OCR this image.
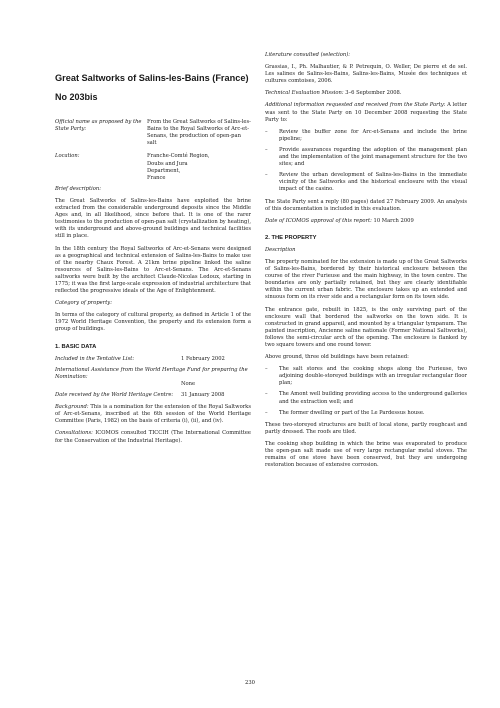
Great Saltworks of Salins-les-Bains (France)
No 203bis
Official name as proposed by the State Party:
From the Great Saltworks of Salins-les-Bains to the Royal Saltworks of Arc-et-Senans, the production of open-pan salt
Location:	Franche-Comté Region,
Doubs and Jura
Department,
France

Brief description:

The Great Saltworks of Salins-les-Bains have exploited the brine extracted from the considerable underground deposits since the Middle Ages and, in all likelihood, since before that. It is one of the rarer testimonies to the production of open-pan salt (crystallization by heating), with its underground and above-ground buildings and technical facilities still in place.

In the 18th century the Royal Saltworks of Arc-et-Senans were designed as a geographical and technical extension of Salins-les-Bains to make use of the nearby Chaux Forest. A 21km brine pipeline linked the saline resources of Salins-les-Bains to Arc-et-Senans. The Arc-et-Senans saltworks were built by the architect Claude-Nicolas Ledoux, starting in 1775; it was the first large-scale expression of industrial architecture that reflected the progressive ideals of the Age of Enlightenment.

Category of property:

In terms of the category of cultural property, as defined in Article 1 of the 1972 World Heritage Convention, the property and its extension form a group of buildings.

1. BASIC DATA
Included in the Tentative List:	1 February 2002
International Assistance from the World Heritage Fund for preparing the Nomination:
None
Date received by the World Heritage Centre:	31 January 2008

Background: This is a nomination for the extension of the Royal Saltworks of Arc-et-Senans, inscribed at the 6th session of the World Heritage Committee (Paris, 1982) on the basis of criteria (i), (ii), and (iv).

Consultations: ICOMOS consulted TICCIH (The International Committee for the Conservation of the Industrial Heritage).

Literature consulted (selection):

Grassias, I., Ph. Malhautier, & P. Petrequin, O. Weller, De pierre et de sel. Les salines de Salins-les-Bains, Salins-les-Bains, Musée des techniques et cultures comtoises, 2006.

Technical Evaluation Mission: 3–6 September 2008.

Additional information requested and received from the State Party: A letter was sent to the State Party on 10 December 2008 requesting the State Party to:

–	Review the buffer zone for Arc-et-Senans and include the brine pipeline;
–	Provide assurances regarding the adoption of the management plan and the implementation of the joint management structure for the two sites; and
–	Review the urban development of Salins-les-Bains in the immediate vicinity of the Saltworks and the historical enclosure with the visual impact of the casino.

The State Party sent a reply (80 pages) dated 27 February 2009. An analysis of this documentation is included in this evaluation.

Date of ICOMOS approval of this report: 10 March 2009

2. THE PROPERTY

Description

The property nominated for the extension is made up of the Great Saltworks of Salins-les-Bains, bordered by their historical enclosure between the course of the river Furieuse and the main highway, in the town centre. The boundaries are only partially retained, but they are clearly identifiable within the current urban fabric. The enclosure takes up an extended and sinuous form on its river side and a rectangular form on its town side.

The entrance gate, rebuilt in 1825, is the only surviving part of the enclosure wall that bordered the saltworks on the town side. It is constructed in grand appareil, and mounted by a triangular tympanum. The painted inscription, Ancienne saline nationale (Former National Saltworks), follows the semi-circular arch of the opening. The enclosure is flanked by two square towers and one round tower.

Above ground, three old buildings have been retained:

–	The salt stores and the cooking shops along the Furieuse, two adjoining double-storeyed buildings with an irregular rectangular floor plan;
–	The Amont well building providing access to the underground galleries and the extraction well; and
–	The former dwelling or part of the Le Pardessus house.

These two-storeyed structures are built of local stone, partly roughcast and partly dressed. The roofs are tiled.

The cooking shop building in which the brine was evaporated to produce the open-pan salt made use of very large rectangular metal stoves. The remains of one stove have been conserved, but they are undergoing restoration because of extensive corrosion.

230
